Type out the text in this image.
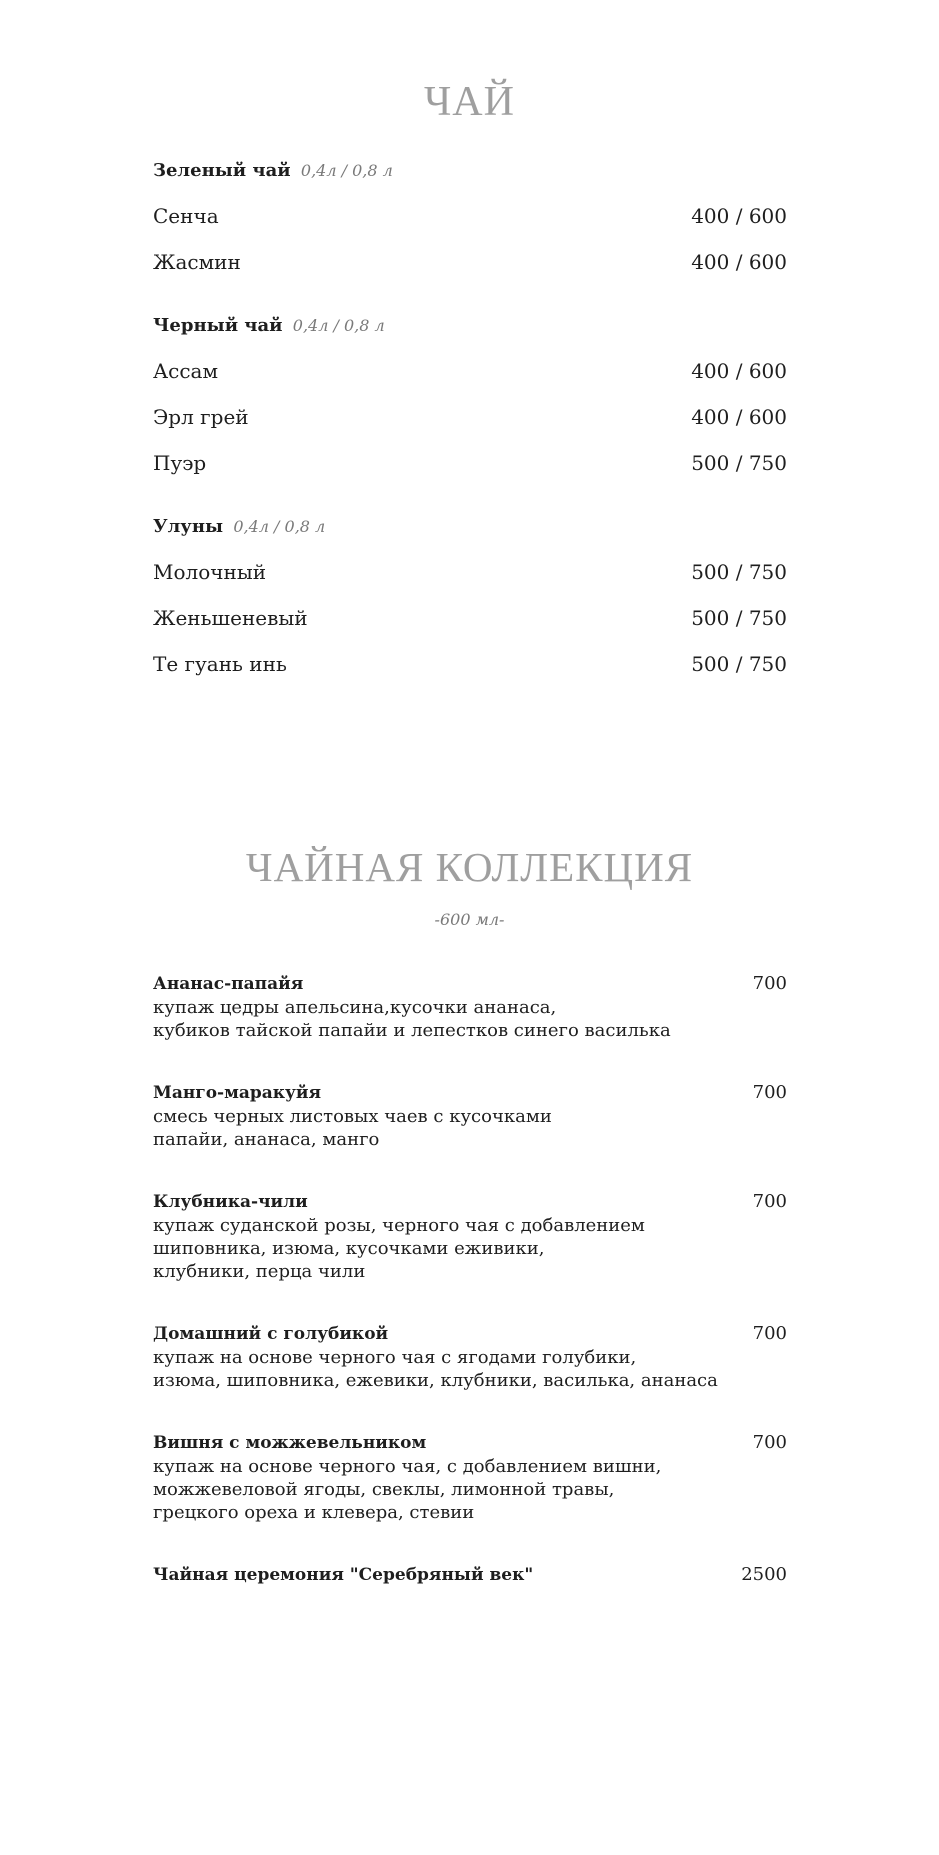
ЧАЙ
Зеленый чай 0,4л / 0,8 л
Сенча	400 / 600
Жасмин	400 / 600
Черный чай 0,4л / 0,8 л
Ассам	400 / 600
Эрл грей	400 / 600
Пуэр	500 / 750
Улуны 0,4л / 0,8 л
Молочный	500 / 750
Женьшеневый	500 / 750
Те гуань инь	500 / 750
ЧАЙНАЯ КОЛЛЕКЦИЯ
-600 мл-
Ананас-папайя	700
купаж цедры апельсина,кусочки ананаса,
кубиков тайской папайи и лепестков синего василька
Манго-маракуйя	700
смесь черных листовых чаев с кусочками
папайи, ананаса, манго
Клубника-чили	700
купаж суданской розы, черного чая с добавлением
шиповника, изюма, кусочками еживики,
клубники, перца чили
Домашний с голубикой	700
купаж на основе черного чая с ягодами голубики,
изюма, шиповника, ежевики, клубники, василька, ананаса
Вишня с можжевельником	700
купаж на основе черного чая, с добавлением вишни,
можжевеловой ягоды, свеклы, лимонной травы,
грецкого ореха и клевера, стевии
Чайная церемония "Серебряный век"	2500
